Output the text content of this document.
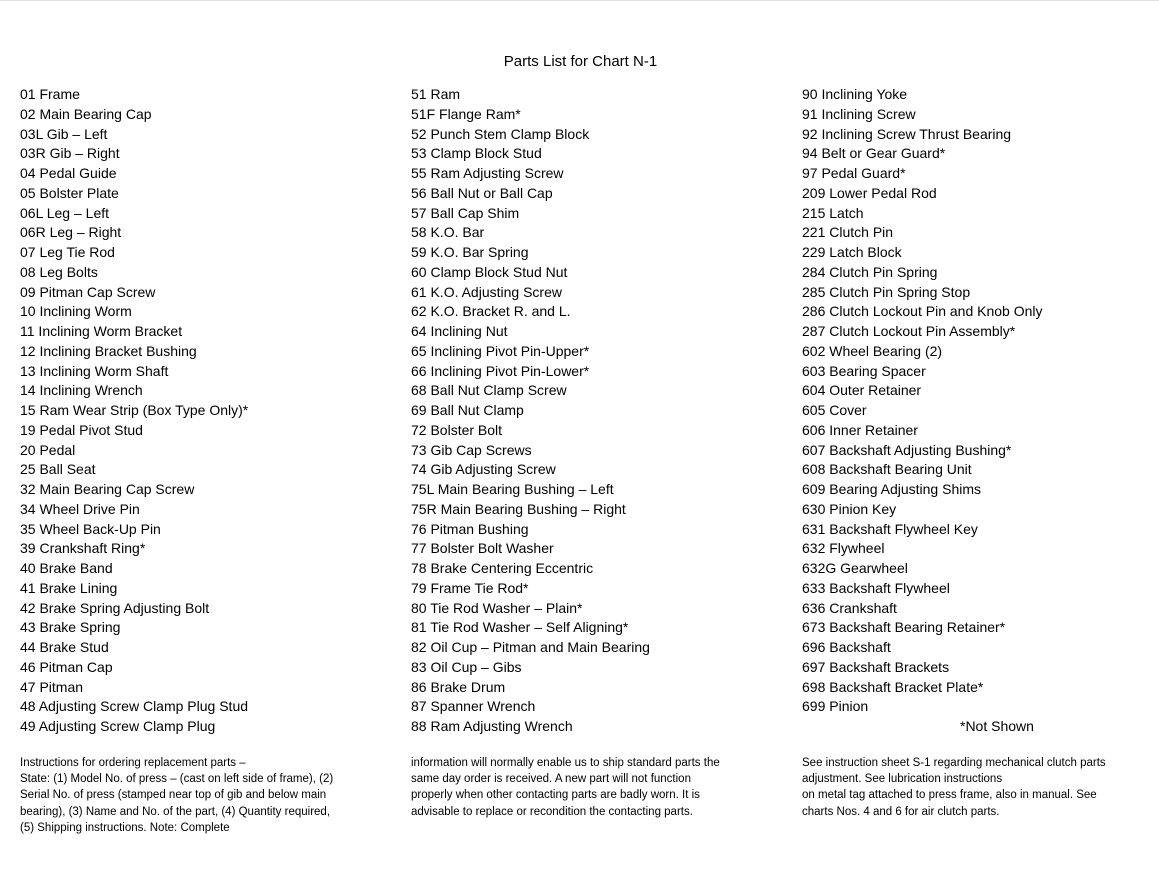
Parts List for Chart N-1
01 Frame
02 Main Bearing Cap
03L Gib – Left
03R Gib – Right
04 Pedal Guide
05 Bolster Plate
06L Leg – Left
06R Leg – Right
07 Leg Tie Rod
08 Leg Bolts
09 Pitman Cap Screw
10 Inclining Worm
11 Inclining Worm Bracket
12 Inclining Bracket Bushing
13 Inclining Worm Shaft
14 Inclining Wrench
15 Ram Wear Strip (Box Type Only)*
19 Pedal Pivot Stud
20 Pedal
25 Ball Seat
32 Main Bearing Cap Screw
34 Wheel Drive Pin
35 Wheel Back-Up Pin
39 Crankshaft Ring*
40 Brake Band
41 Brake Lining
42 Brake Spring Adjusting Bolt
43 Brake Spring
44 Brake Stud
46 Pitman Cap
47 Pitman
48 Adjusting Screw Clamp Plug Stud
49 Adjusting Screw Clamp Plug
51 Ram
51F Flange Ram*
52 Punch Stem Clamp Block
53 Clamp Block Stud
55 Ram Adjusting Screw
56 Ball Nut or Ball Cap
57 Ball Cap Shim
58 K.O. Bar
59 K.O. Bar Spring
60 Clamp Block Stud Nut
61 K.O. Adjusting Screw
62 K.O. Bracket R. and L.
64 Inclining Nut
65 Inclining Pivot Pin-Upper*
66 Inclining Pivot Pin-Lower*
68 Ball Nut Clamp Screw
69 Ball Nut Clamp
72 Bolster Bolt
73 Gib Cap Screws
74 Gib Adjusting Screw
75L Main Bearing Bushing – Left
75R Main Bearing Bushing – Right
76 Pitman Bushing
77 Bolster Bolt Washer
78 Brake Centering Eccentric
79 Frame Tie Rod*
80 Tie Rod Washer – Plain*
81 Tie Rod Washer – Self Aligning*
82 Oil Cup – Pitman and Main Bearing
83 Oil Cup – Gibs
86 Brake Drum
87 Spanner Wrench
88 Ram Adjusting Wrench
90 Inclining Yoke
91 Inclining Screw
92 Inclining Screw Thrust Bearing
94 Belt or Gear Guard*
97 Pedal Guard*
209 Lower Pedal Rod
215 Latch
221 Clutch Pin
229 Latch Block
284 Clutch Pin Spring
285 Clutch Pin Spring Stop
286 Clutch Lockout Pin and Knob Only
287 Clutch Lockout Pin Assembly*
602 Wheel Bearing (2)
603 Bearing Spacer
604 Outer Retainer
605 Cover
606 Inner Retainer
607 Backshaft Adjusting Bushing*
608 Backshaft Bearing Unit
609 Bearing Adjusting Shims
630 Pinion Key
631 Backshaft Flywheel Key
632 Flywheel
632G Gearwheel
633 Backshaft Flywheel
636 Crankshaft
673 Backshaft Bearing Retainer*
696 Backshaft
697 Backshaft Brackets
698 Backshaft Bracket Plate*
699 Pinion
*Not Shown
Instructions for ordering replacement parts –
State: (1) Model No. of press – (cast on left side of frame), (2)
Serial No. of press (stamped near top of gib and below main
bearing), (3) Name and No. of the part, (4) Quantity required,
(5) Shipping instructions. Note: Complete
information will normally enable us to ship standard parts the
same day order is received. A new part will not function
properly when other contacting parts are badly worn. It is
advisable to replace or recondition the contacting parts.
See instruction sheet S-1 regarding mechanical clutch parts
adjustment. See lubrication instructions
on metal tag attached to press frame, also in manual. See
charts Nos. 4 and 6 for air clutch parts.
